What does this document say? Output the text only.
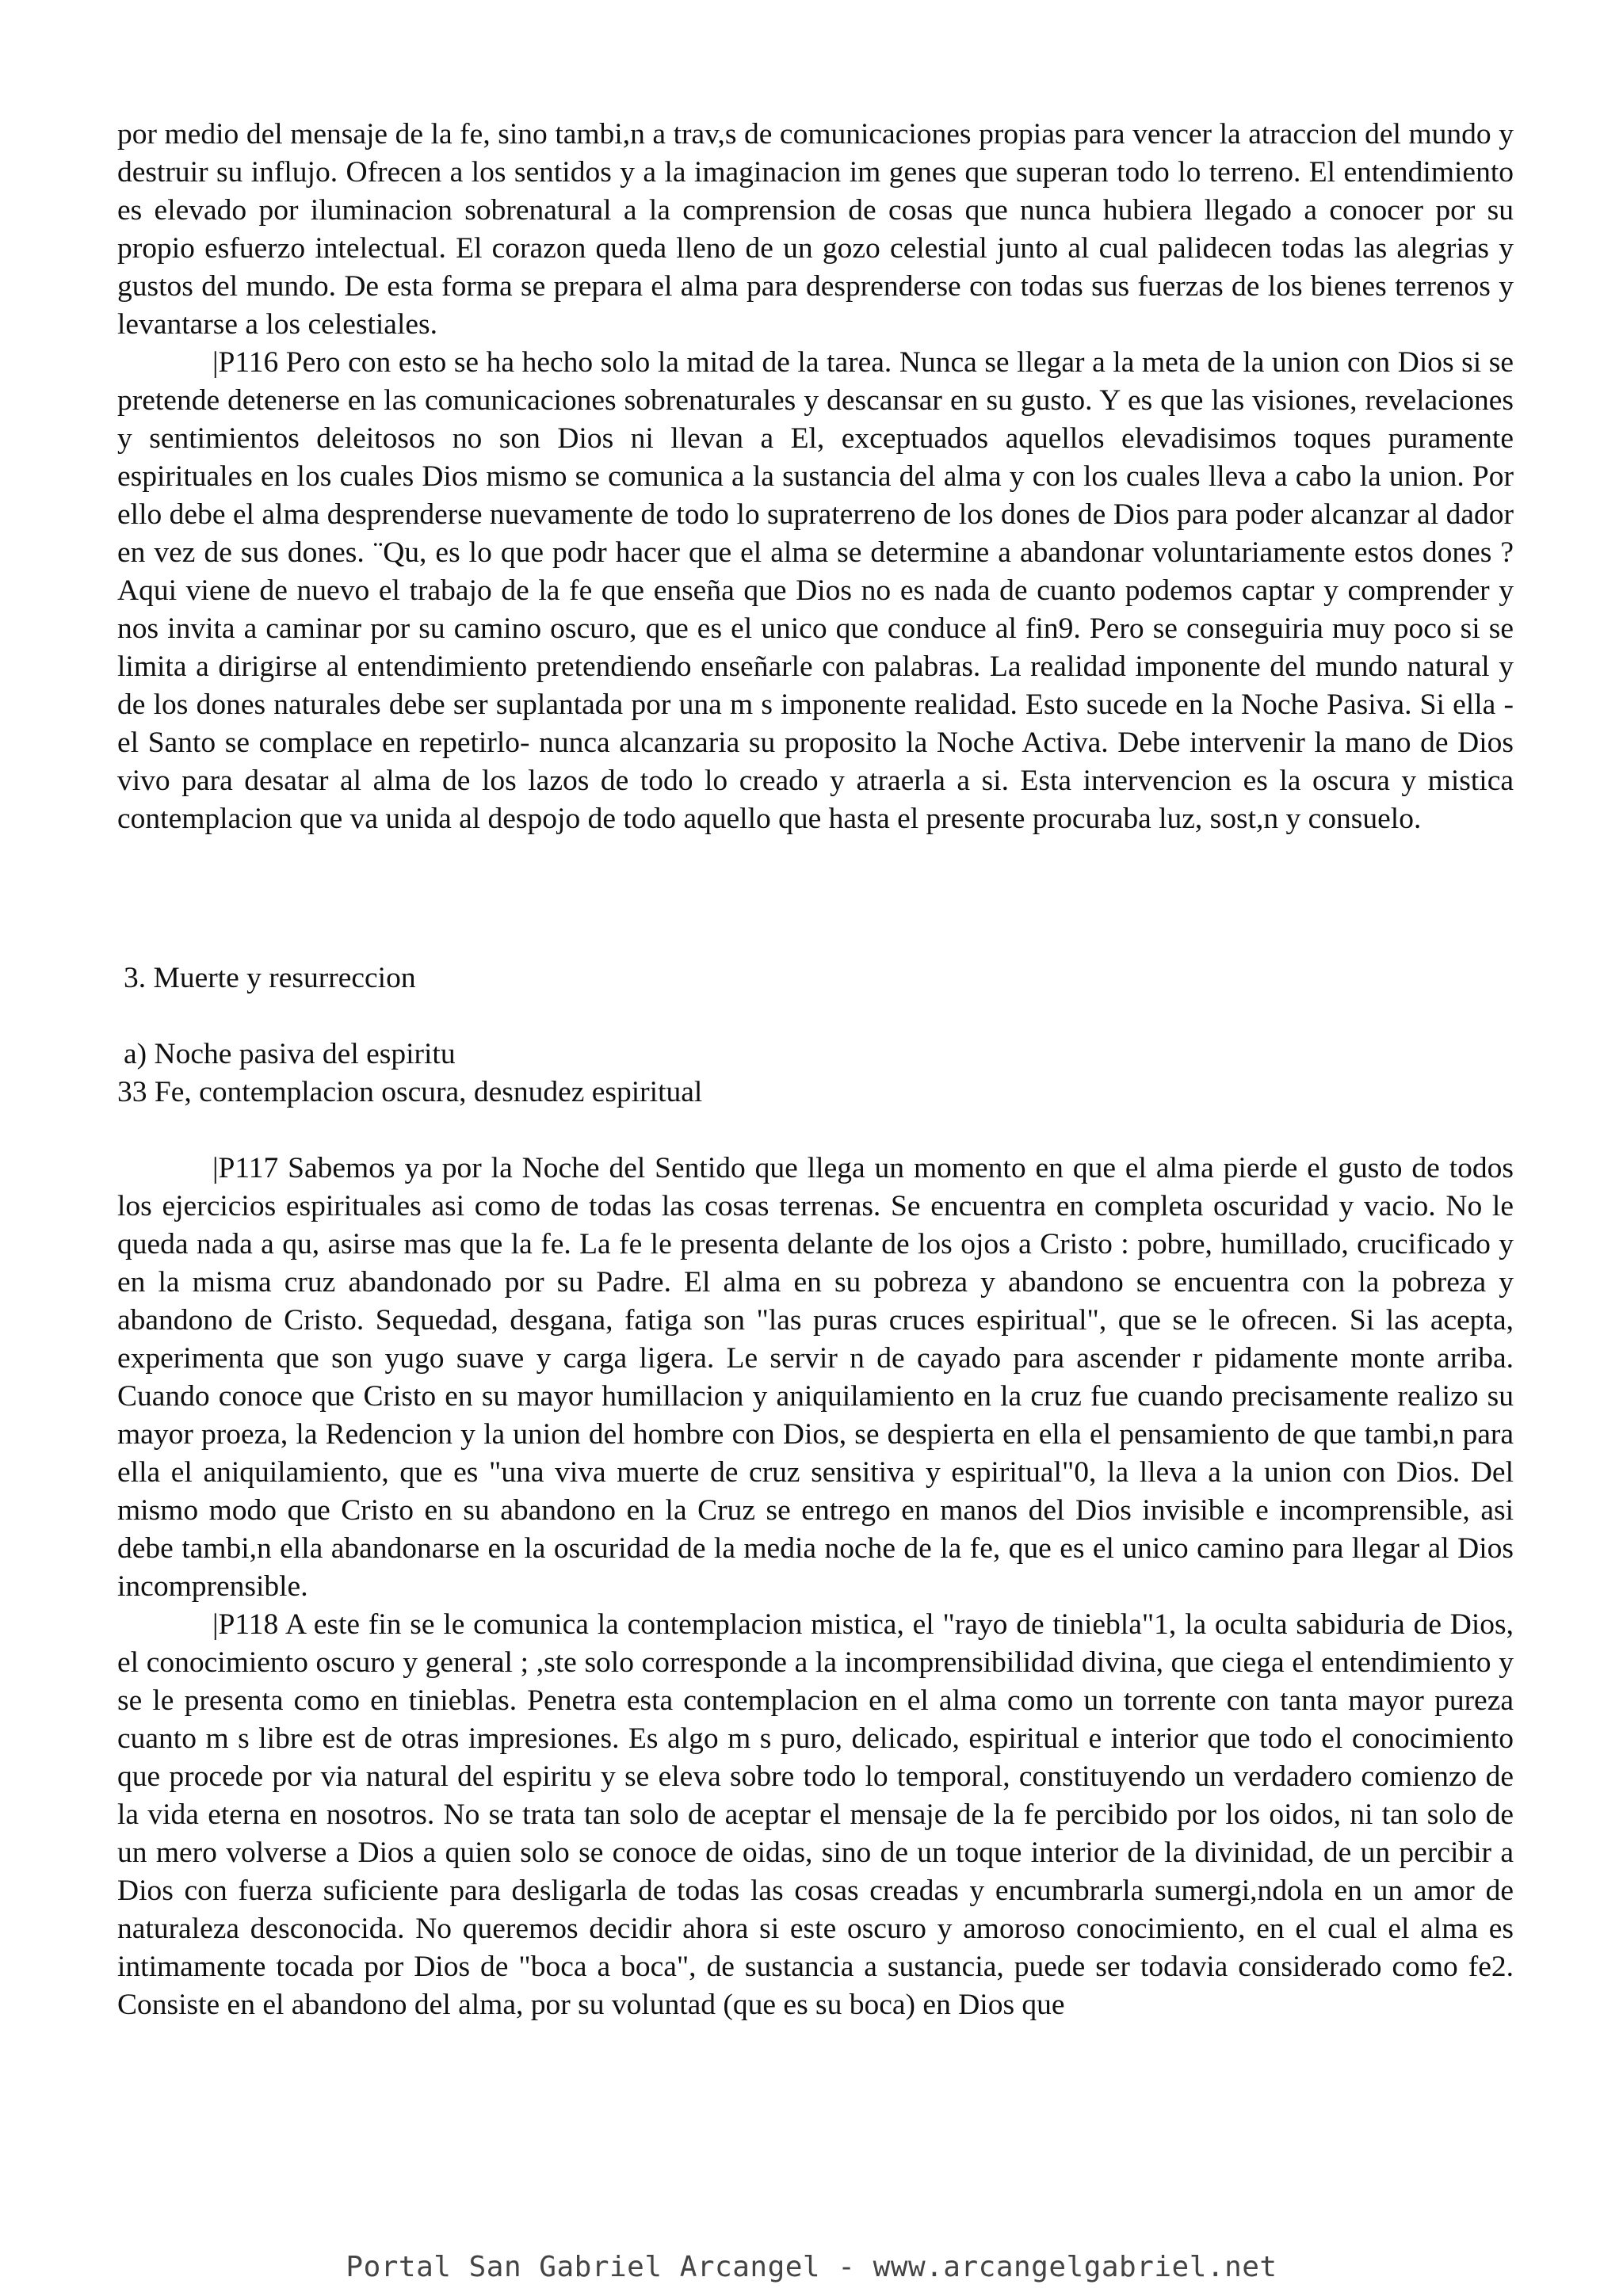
por medio del mensaje de la fe, sino tambi,n a trav,s de comunicaciones propias para vencer la atraccion del mundo y destruir su influjo. Ofrecen a los sentidos y a la imaginacion im genes que superan todo lo terreno. El entendimiento es elevado por iluminacion sobrenatural a la comprension de cosas que nunca hubiera llegado a conocer por su propio esfuerzo intelectual. El corazon queda lleno de un gozo celestial junto al cual palidecen todas las alegrias y gustos del mundo. De esta forma se prepara el alma para desprenderse con todas sus fuerzas de los bienes terrenos y levantarse a los celestiales.

|P116 Pero con esto se ha hecho solo la mitad de la tarea. Nunca se llegar a la meta de la union con Dios si se pretende detenerse en las comunicaciones sobrenaturales y descansar en su gusto. Y es que las visiones, revelaciones y sentimientos deleitosos no son Dios ni llevan a El, exceptuados aquellos elevadisimos toques puramente espirituales en los cuales Dios mismo se comunica a la sustancia del alma y con los cuales lleva a cabo la union. Por ello debe el alma desprenderse nuevamente de todo lo supraterreno de los dones de Dios para poder alcanzar al dador en vez de sus dones. ¨Qu, es lo que podr hacer que el alma se determine a abandonar voluntariamente estos dones ? Aqui viene de nuevo el trabajo de la fe que enseña que Dios no es nada de cuanto podemos captar y comprender y nos invita a caminar por su camino oscuro, que es el unico que conduce al fin9. Pero se conseguiria muy poco si se limita a dirigirse al entendimiento pretendiendo enseñarle con palabras. La realidad imponente del mundo natural y de los dones naturales debe ser suplantada por una m s imponente realidad. Esto sucede en la Noche Pasiva. Si ella -el Santo se complace en repetirlo- nunca alcanzaria su proposito la Noche Activa. Debe intervenir la mano de Dios vivo para desatar al alma de los lazos de todo lo creado y atraerla a si. Esta intervencion es la oscura y mistica contemplacion que va unida al despojo de todo aquello que hasta el presente procuraba luz, sost,n y consuelo.

3. Muerte y resurreccion

a) Noche pasiva del espiritu

33 Fe, contemplacion oscura, desnudez espiritual

|P117 Sabemos ya por la Noche del Sentido que llega un momento en que el alma pierde el gusto de todos los ejercicios espirituales asi como de todas las cosas terrenas. Se encuentra en completa oscuridad y vacio. No le queda nada a qu, asirse mas que la fe. La fe le presenta delante de los ojos a Cristo : pobre, humillado, crucificado y en la misma cruz abandonado por su Padre. El alma en su pobreza y abandono se encuentra con la pobreza y abandono de Cristo. Sequedad, desgana, fatiga son "las puras cruces espiritual", que se le ofrecen. Si las acepta, experimenta que son yugo suave y carga ligera. Le servir n de cayado para ascender r pidamente monte arriba. Cuando conoce que Cristo en su mayor humillacion y aniquilamiento en la cruz fue cuando precisamente realizo su mayor proeza, la Redencion y la union del hombre con Dios, se despierta en ella el pensamiento de que tambi,n para ella el aniquilamiento, que es "una viva muerte de cruz sensitiva y espiritual"0, la lleva a la union con Dios. Del mismo modo que Cristo en su abandono en la Cruz se entrego en manos del Dios invisible e incomprensible, asi debe tambi,n ella abandonarse en la oscuridad de la media noche de la fe, que es el unico camino para llegar al Dios incomprensible.

|P118 A este fin se le comunica la contemplacion mistica, el "rayo de tiniebla"1, la oculta sabiduria de Dios, el conocimiento oscuro y general ; ,ste solo corresponde a la incomprensibilidad divina, que ciega el entendimiento y se le presenta como en tinieblas. Penetra esta contemplacion en el alma como un torrente con tanta mayor pureza cuanto m s libre est de otras impresiones. Es algo m s puro, delicado, espiritual e interior que todo el conocimiento que procede por via natural del espiritu y se eleva sobre todo lo temporal, constituyendo un verdadero comienzo de la vida eterna en nosotros. No se trata tan solo de aceptar el mensaje de la fe percibido por los oidos, ni tan solo de un mero volverse a Dios a quien solo se conoce de oidas, sino de un toque interior de la divinidad, de un percibir a Dios con fuerza suficiente para desligarla de todas las cosas creadas y encumbrarla sumergi,ndola en un amor de naturaleza desconocida. No queremos decidir ahora si este oscuro y amoroso conocimiento, en el cual el alma es intimamente tocada por Dios de "boca a boca", de sustancia a sustancia, puede ser todavia considerado como fe2. Consiste en el abandono del alma, por su voluntad (que es su boca) en Dios que

Portal San Gabriel Arcangel - www.arcangelgabriel.net
